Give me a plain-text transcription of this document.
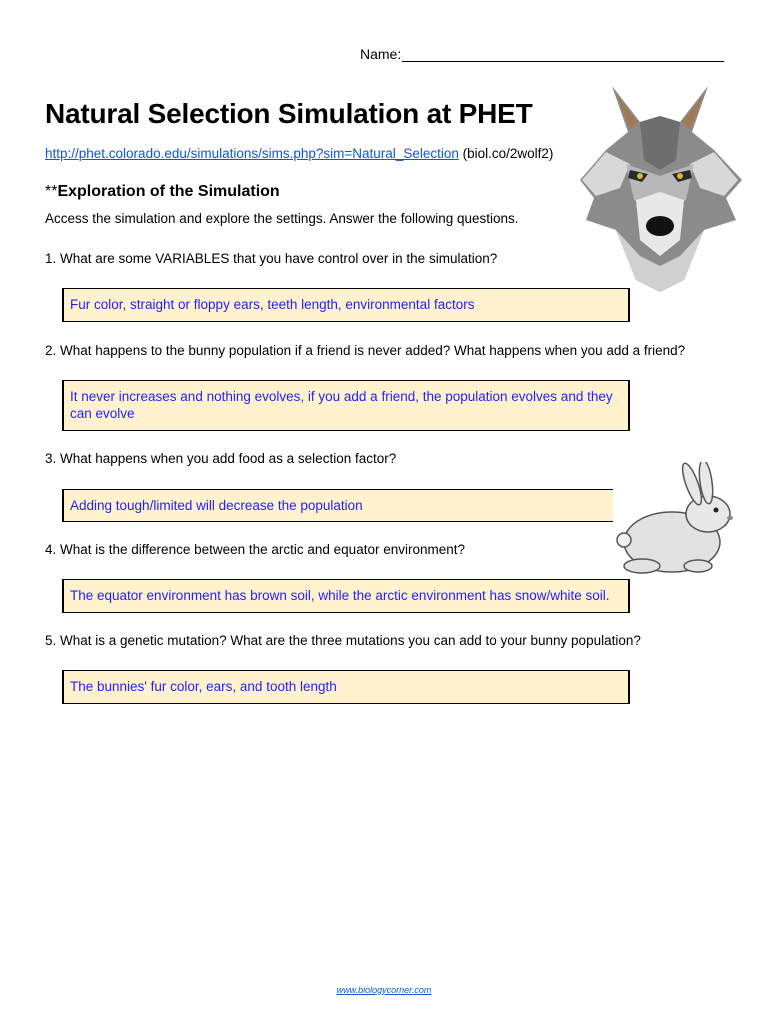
Name:
Natural Selection Simulation at PHET
http://phet.colorado.edu/simulations/sims.php?sim=Natural_Selection (biol.co/2wolf2)
**Exploration of the Simulation
Access the simulation and explore the settings. Answer the following questions.
1. What are some VARIABLES that you have control over in the simulation?
Fur color, straight or floppy ears, teeth length, environmental factors
2. What happens to the bunny population if a friend is never added? What happens when you add a friend?
It never increases and nothing evolves, if you add a friend, the population evolves and they can evolve
3. What happens when you add food as a selection factor?
Adding tough/limited will decrease the population
4. What is the difference between the arctic and equator environment?
The equator environment has brown soil, while the arctic environment has snow/white soil.
5. What is a genetic mutation? What are the three mutations you can add to your bunny population?
The bunnies' fur color, ears, and tooth length
www.biologycorner.com
